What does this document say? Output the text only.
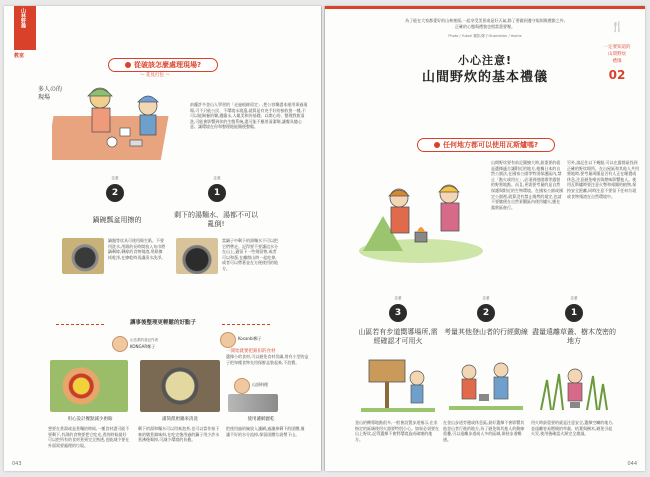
山林野趣
教室
從破該怎麼處理現場?
多人の的現場
〜 花見打包 〜
前擺許多登山人學習的「走過痕跡留定」,把公容樂盡本運用事過現場,可不只能公民、不環境永境還,就算是有充手好的接收嘗一種,不可以能飼養的樂,遭嚴永,人親美和的基礎。以開心的、整理我飲清洗,可能會影響到你的生態系統,盡可能不應用清潔劑,讓餐具隨心意。讓環境在你和整理地能順便整鬆。
注意
2
注意
1
鍋碗瓢盆用擦的
剩下的湯麵水、湯都不可以亂倒!
鍋盤等炊具可使用衛生紙、不要用洗水,用紙的長時間放入布巾將鍋剩餘,剩餘的食物殘渣,用紙擦拭乾淨,在擦乾時再讓清水洗淨。
當鍋子中剩下的湯麵水不可以把它們帶走。記得要不要讓這水分在山上,遺留下一些殘留物,或者可以和蛋,在離開山時一起吃掉,或者可以帶著並在方便使用的地方。
讓事後整理更輕鬆的好點子
山岳系的食記作者
KONGAR鄭子
Kosanbi鄭子
一開始就要把鈕扣的食材
選擇小的食材,可以避免食材切細,用有小型的盒子把每種食物先用保鮮盒裝起來,不浪費。
山頂料理
用心設計餐點減少廚餘	滿筒派廚鍋來清洗	使用濾網瀝乾
想要在煮湯或是煮麵的時候,一種食材盡可能不要剩下,有湯的食物要把它吃光,煮的時候最好可以把所有的食材煮到完全熟透,也能減少要在外面需要處理的垃圾。
剩下的湯和麵水可以用來泡茶,也可以當作接下來的燉煮調味料,在吃完後用過的鍋子用少許水煮沸後喝掉,可減少環境的負擔。
把使用過的碗放入濾網,過濾掉剩下的固體,僅讓不好的水分流掉,保留固體垃圾帶下山。
043
為了能在大家都愛好的山林裡面,一起享受美景或是好天氣,除了要做到遵守規則與禮節之外,正確的心態與禮貌也相當重要喔。
Photo / Yukari 攝影/鄭子Illustration / Yoshie
小心注意!
山間野炊的基本禮儀
🍴
一定要知道的
山間野炊
禮儀
02
任何地方都可以使用瓦斯爐嗎?
山間野炊要有前足圍繞大時,最重要的就是選擇適合讓附近的地方,根據日本的自然公園法,在國家公園等特別保護區內,禁止「點火或用火」,必須到遊園場等露營的野營地點。而且,更需要考量的是自然保護與附近的生物環境。在國家公園或國定公園裡,就算沒有禁止燒烤的規定,也請不要隨便在自然景觀區內使用爐火,應在露營區進行。
另外,請記住以下幾點,可以在露營區找到正確的野炊場所。在山屋區和其他人共用營地時,要考量周圍是否有人正在睡覺或休息,注意避免噪音與煙味影響他人。使用瓦斯爐時要注意火勢和週圍的植物,保持安全距離,同時注意不要留下任何垃圾或食物殘渣在自然環境中。
注意
3
注意
2
注意
1
山區若有步道嚮導場所,需經確認才可用火
考量其他登山者的行經動線 盡量遠離草叢、樹木茂密的地方
登山的嚮導地點很多,一般會設置步道指示,在非指定的區域使用火器要特別小心。如果必須要在山上野炊,記得選擇不會對環境造成破壞的地方。
在登山步道旁邊或休息區,最好選擇不會影響其他登山者行進的地方,為了避免與其他人的動線重疊,可以遠離步道或人多的區域,保持步道暢通。
用火時最重要的就是注意安全,選擇空曠的地方,並遠離容易燃燒的草叢、枯葉與樹木,避免引起火災,使用後確認火源完全熄滅。
044
